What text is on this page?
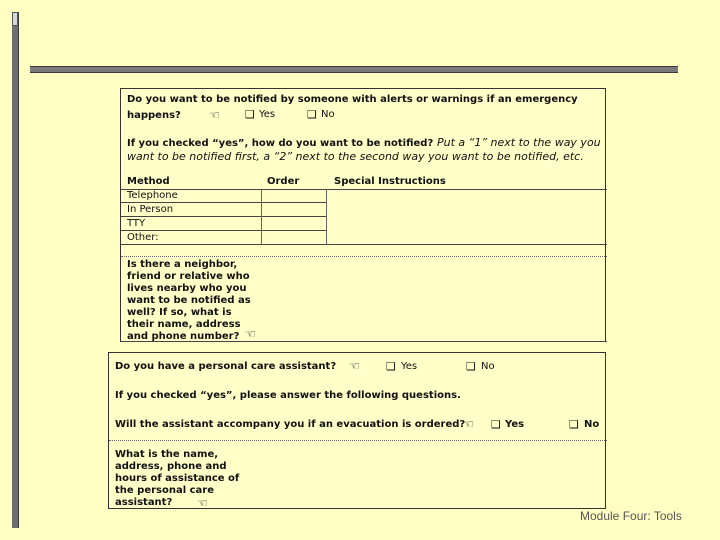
Do you want to be notified by someone with alerts or warnings if an emergency
happens? ☜ ❑ Yes	❑ No
If you checked “yes”, how do you want to be notified? Put a “1” next to the way you
want to be notified first, a “2” next to the second way you want to be notified, etc.
Method	Order	Special Instructions
Telephone
In Person
TTY
Other:
Is there a neighbor,
friend or relative who
lives nearby who you
want to be notified as
well? If so, what is
their name, address
and phone number? ☜
Do you have a personal care assistant? ☜ ❑ Yes	❑ No
If you checked “yes”, please answer the following questions.
Will the assistant accompany you if an evacuation is ordered?
☜ ❑ Yes	❑ No
What is the name,
address, phone and
hours of assistance of
the personal care
assistant?	☜
Module Four: Tools
